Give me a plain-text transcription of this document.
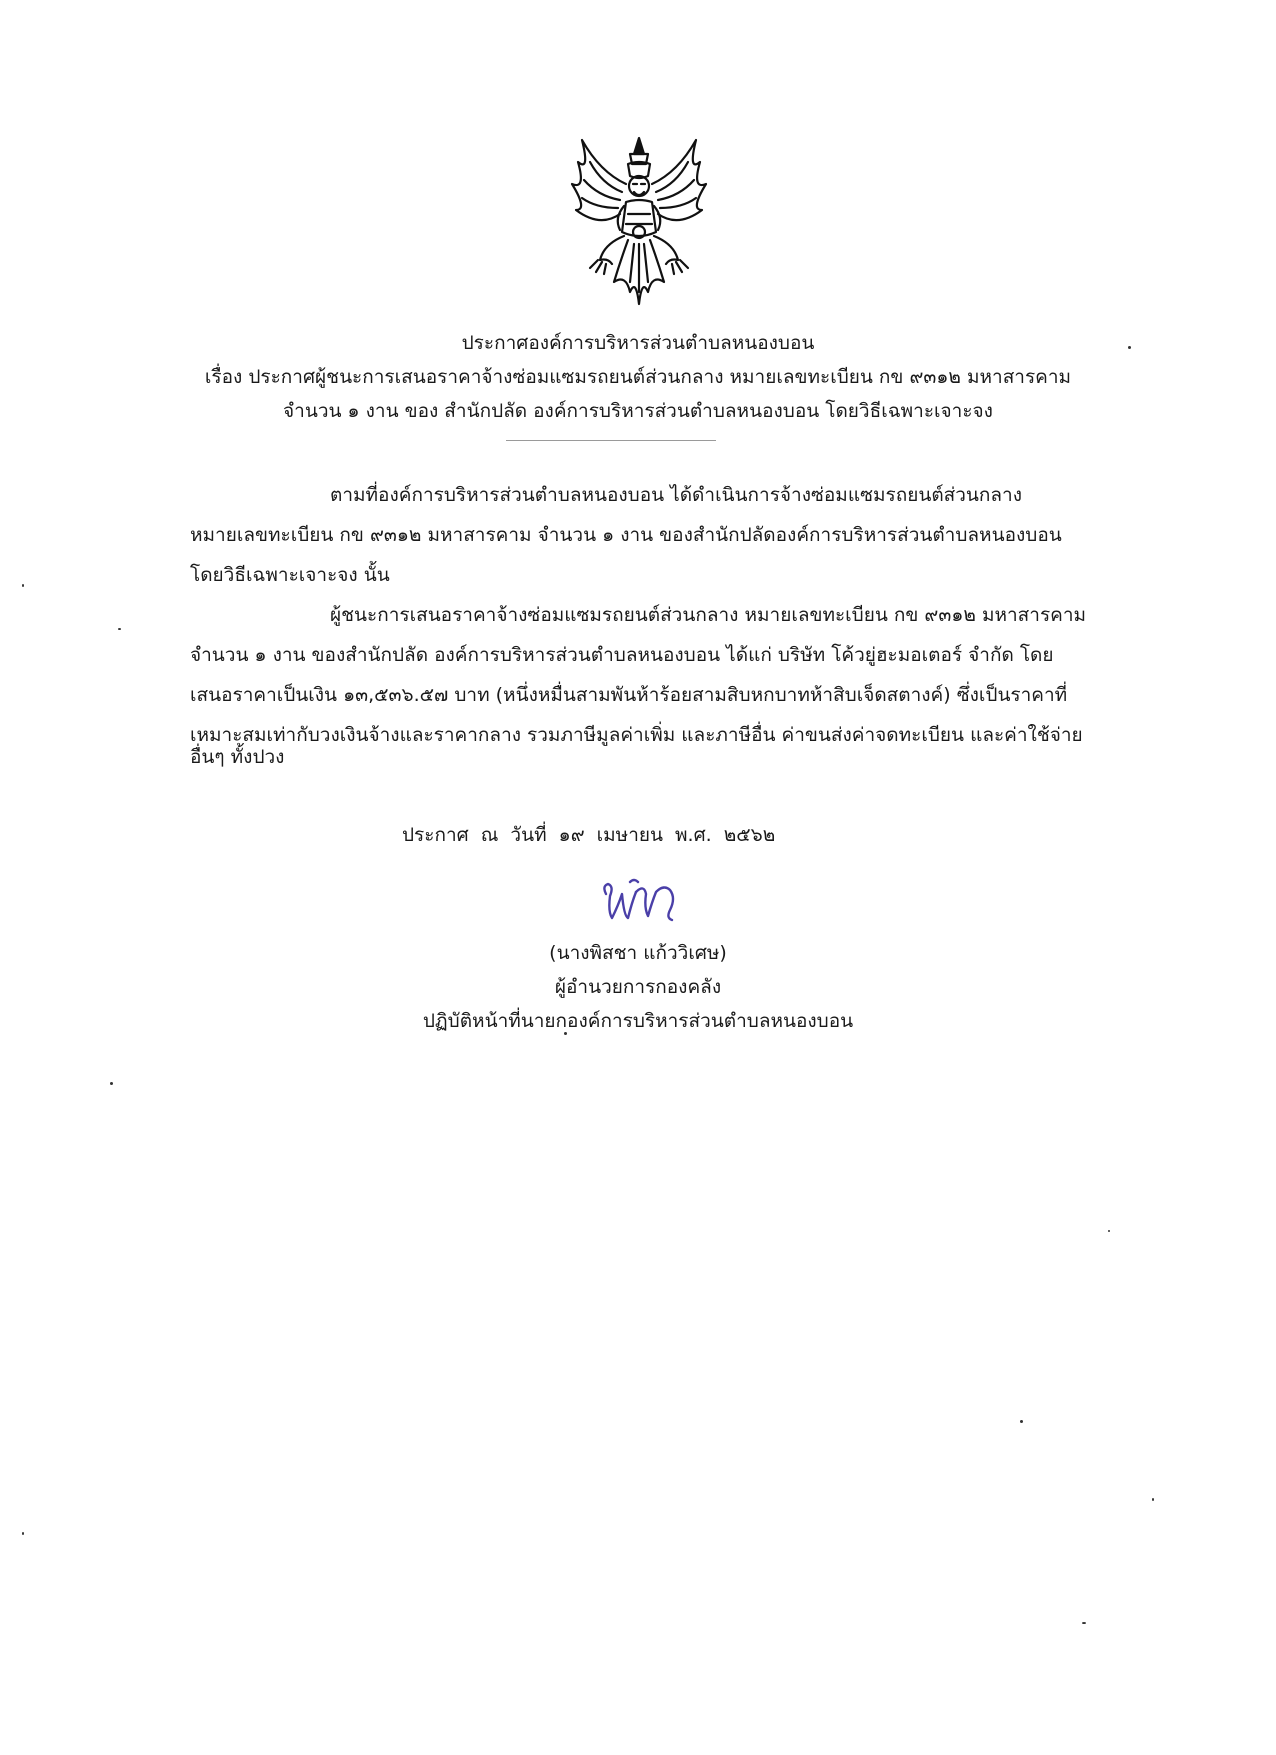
ประกาศองค์การบริหารส่วนตำบลหนองบอน
เรื่อง ประกาศผู้ชนะการเสนอราคาจ้างซ่อมแซมรถยนต์ส่วนกลาง หมายเลขทะเบียน กข ๙๓๑๒ มหาสารคาม
จำนวน ๑ งาน ของ สำนักปลัด องค์การบริหารส่วนตำบลหนองบอน โดยวิธีเฉพาะเจาะจง
ตามที่องค์การบริหารส่วนตำบลหนองบอน ได้ดำเนินการจ้างซ่อมแซมรถยนต์ส่วนกลาง
หมายเลขทะเบียน กข ๙๓๑๒ มหาสารคาม จำนวน ๑ งาน ของสำนักปลัดองค์การบริหารส่วนตำบลหนองบอน
โดยวิธีเฉพาะเจาะจง นั้น
ผู้ชนะการเสนอราคาจ้างซ่อมแซมรถยนต์ส่วนกลาง หมายเลขทะเบียน กข ๙๓๑๒ มหาสารคาม
จำนวน ๑ งาน ของสำนักปลัด องค์การบริหารส่วนตำบลหนองบอน ได้แก่ บริษัท โค้วยู่ฮะมอเตอร์ จำกัด โดย
เสนอราคาเป็นเงิน ๑๓,๕๓๖.๕๗ บาท (หนึ่งหมื่นสามพันห้าร้อยสามสิบหกบาทห้าสิบเจ็ดสตางค์) ซึ่งเป็นราคาที่
เหมาะสมเท่ากับวงเงินจ้างและราคากลาง รวมภาษีมูลค่าเพิ่ม และภาษีอื่น ค่าขนส่งค่าจดทะเบียน และค่าใช้จ่าย
อื่นๆ ทั้งปวง
ประกาศ ณ วันที่ ๑๙ เมษายน พ.ศ. ๒๕๖๒
(นางพิสชา แก้ววิเศษ)
ผู้อำนวยการกองคลัง
ปฏิบัติหน้าที่นายกองค์การบริหารส่วนตำบลหนองบอน
